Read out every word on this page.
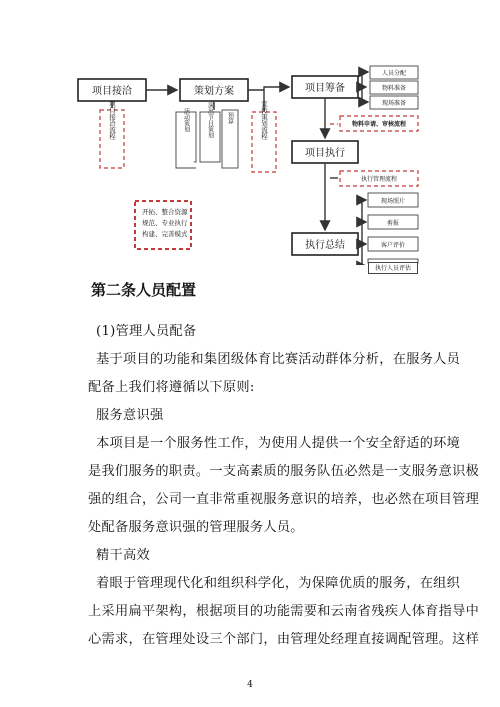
项目接洽	策划方案	项目筹备
项目执行
执行总结
项目接洽流程	活动策划	演出节目策划 预算	宣传策划流程
人员分配
物料准备
现场准备
物料申请、审核流程
执行管理流程
现场照片
剪报
客户评价
开拓、整合资源
规范、专业执行
构建、完善模式
执行人员评估
第二条人员配置
(1)管理人员配备
基于项目的功能和集团级体育比赛活动群体分析，在服务人员
配备上我们将遵循以下原则:
服务意识强
本项目是一个服务性工作，为使用人提供一个安全舒适的环境
是我们服务的职责。一支高素质的服务队伍必然是一支服务意识极
强的组合，公司一直非常重视服务意识的培养，也必然在项目管理
处配备服务意识强的管理服务人员。
精干高效
着眼于管理现代化和组织科学化，为保障优质的服务，在组织
上采用扁平架构，根据项目的功能需要和云南省残疾人体育指导中
心需求，在管理处设三个部门，由管理处经理直接调配管理。这样
4
